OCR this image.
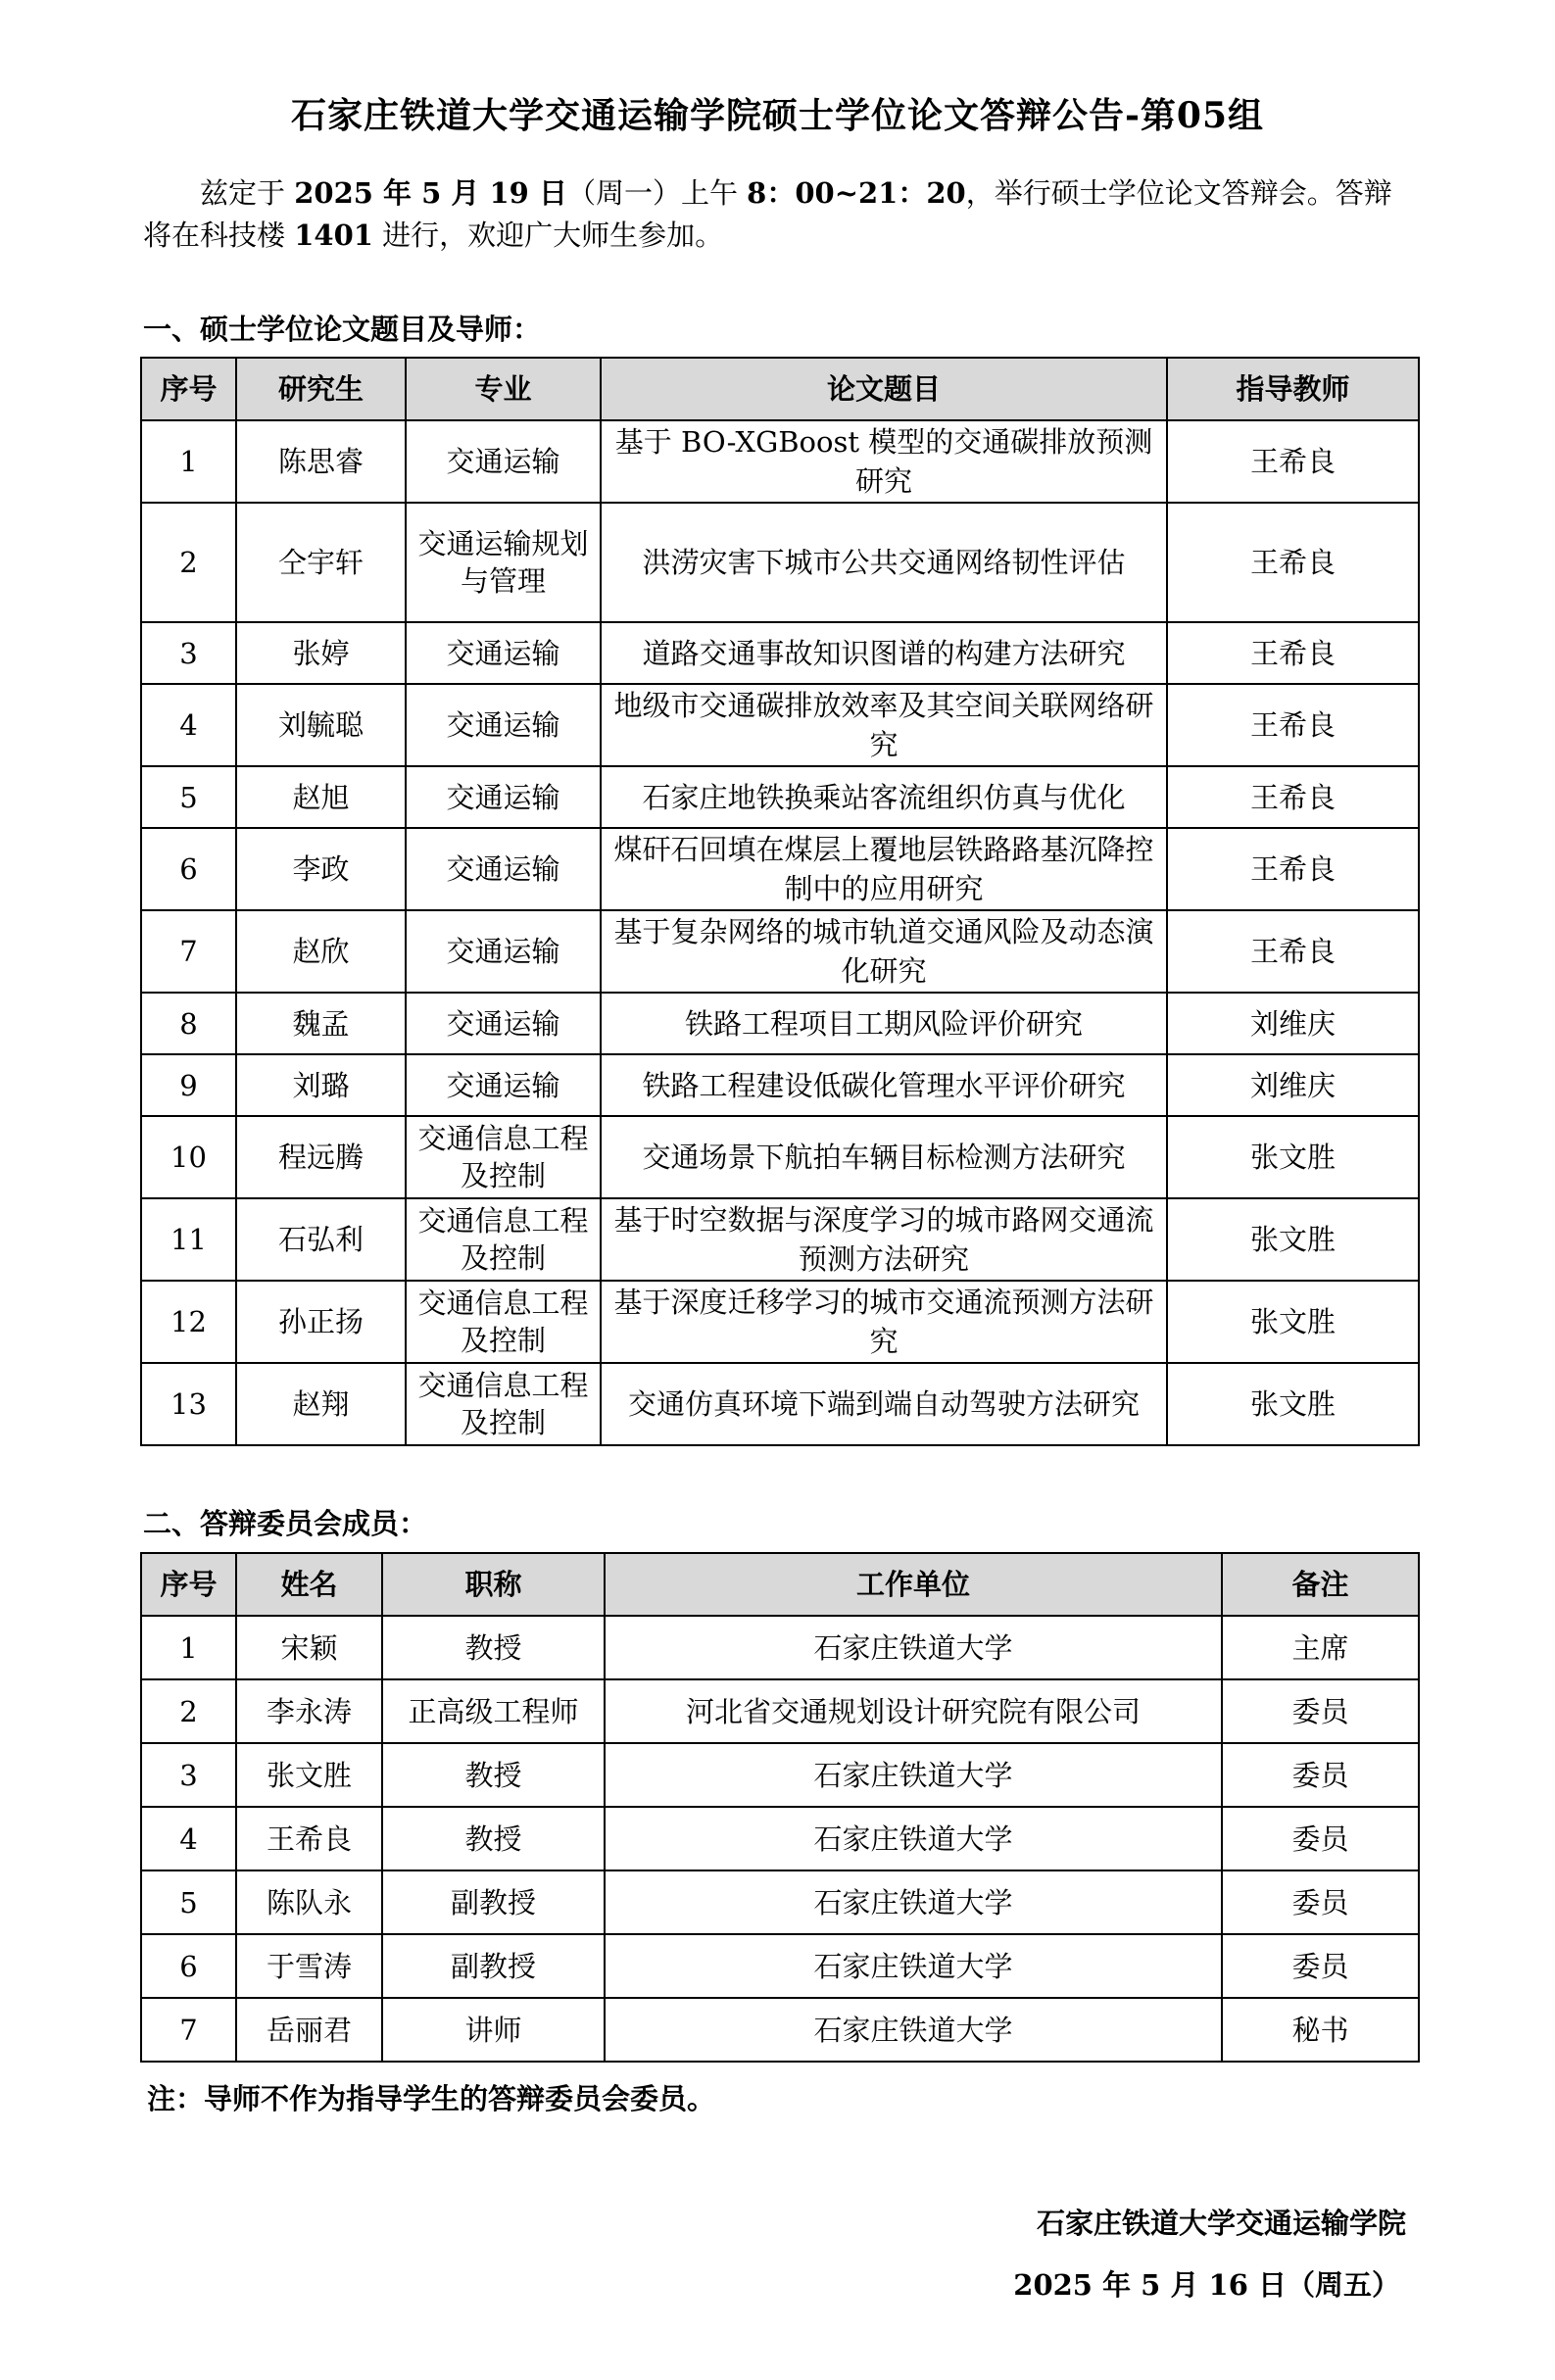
石家庄铁道大学交通运输学院硕士学位论文答辩公告-第05组
兹定于 2025 年 5 月 19 日（周一）上午 8：00~21：20，举行硕士学位论文答辩会。答辩将在科技楼 1401 进行，欢迎广大师生参加。
一、硕士学位论文题目及导师：
序号	研究生	专业	论文题目	指导教师
1	陈思睿	交通运输	基于 BO-XGBoost 模型的交通碳排放预测研究	王希良
2	仝宇轩	交通运输规划与管理	洪涝灾害下城市公共交通网络韧性评估	王希良
3	张婷	交通运输	道路交通事故知识图谱的构建方法研究	王希良
4	刘毓聪	交通运输	地级市交通碳排放效率及其空间关联网络研究	王希良
5	赵旭	交通运输	石家庄地铁换乘站客流组织仿真与优化	王希良
6	李政	交通运输	煤矸石回填在煤层上覆地层铁路路基沉降控制中的应用研究	王希良
7	赵欣	交通运输	基于复杂网络的城市轨道交通风险及动态演化研究	王希良
8	魏孟	交通运输	铁路工程项目工期风险评价研究	刘维庆
9	刘璐	交通运输	铁路工程建设低碳化管理水平评价研究	刘维庆
10	程远腾	交通信息工程及控制	交通场景下航拍车辆目标检测方法研究	张文胜
11	石弘利	交通信息工程及控制	基于时空数据与深度学习的城市路网交通流预测方法研究	张文胜
12	孙正扬	交通信息工程及控制	基于深度迁移学习的城市交通流预测方法研究	张文胜
13	赵翔	交通信息工程及控制	交通仿真环境下端到端自动驾驶方法研究	张文胜
二、答辩委员会成员：
序号	姓名	职称	工作单位	备注
1	宋颖	教授	石家庄铁道大学	主席
2	李永涛	正高级工程师	河北省交通规划设计研究院有限公司	委员
3	张文胜	教授	石家庄铁道大学	委员
4	王希良	教授	石家庄铁道大学	委员
5	陈队永	副教授	石家庄铁道大学	委员
6	于雪涛	副教授	石家庄铁道大学	委员
7	岳丽君	讲师	石家庄铁道大学	秘书
注：导师不作为指导学生的答辩委员会委员。
石家庄铁道大学交通运输学院
2025 年 5 月 16 日（周五）
